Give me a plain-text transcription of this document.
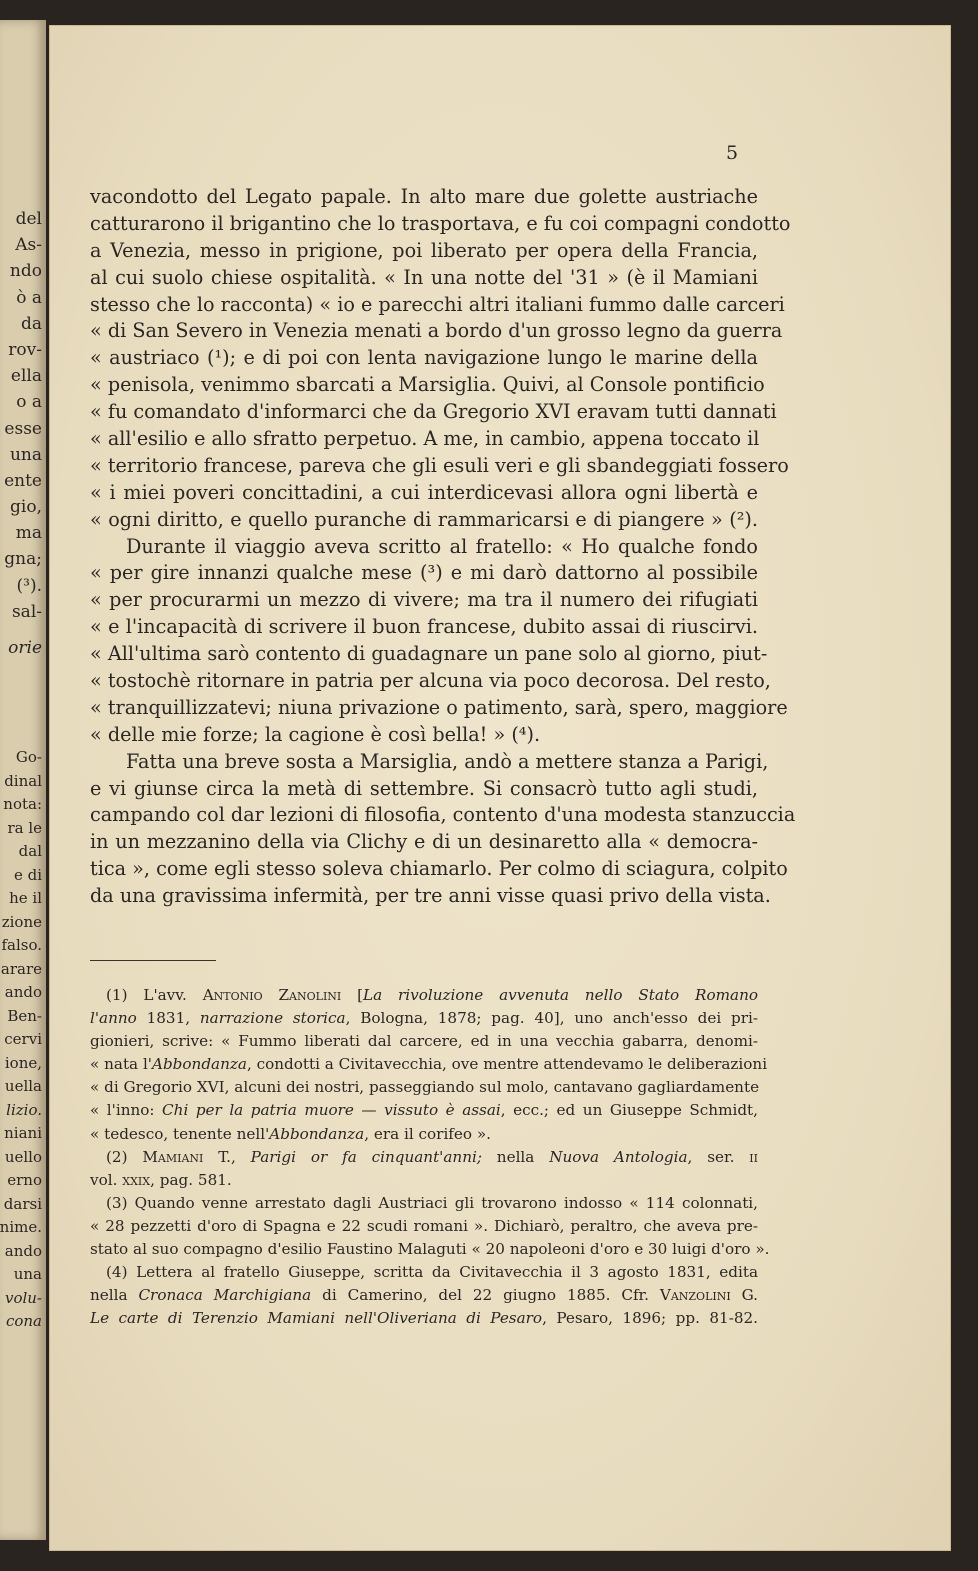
del
As-
ndo
ò a
da
rov-
ella
o a
esse
una
ente
gio,
ma
gna;
(³).
sal-
orie
Go-
dinal
nota:
ra le
dal
e di
he il
zione
falso.
arare
ando
Ben-
cervi
ione,
uella
lizio.
niani
uello
erno
darsi
nime.
ando
una
volu-
cona
5
vacondotto del Legato papale. In alto mare due golette austriache
catturarono il brigantino che lo trasportava, e fu coi compagni condotto
a Venezia, messo in prigione, poi liberato per opera della Francia,
al cui suolo chiese ospitalità. « In una notte del '31 » (è il Mamiani
stesso che lo racconta) « io e parecchi altri italiani fummo dalle carceri
« di San Severo in Venezia menati a bordo d'un grosso legno da guerra
« austriaco (¹); e di poi con lenta navigazione lungo le marine della
« penisola, venimmo sbarcati a Marsiglia. Quivi, al Console pontificio
« fu comandato d'informarci che da Gregorio XVI eravam tutti dannati
« all'esilio e allo sfratto perpetuo. A me, in cambio, appena toccato il
« territorio francese, pareva che gli esuli veri e gli sbandeggiati fossero
« i miei poveri concittadini, a cui interdicevasi allora ogni libertà e
« ogni diritto, e quello puranche di rammaricarsi e di piangere » (²).
Durante il viaggio aveva scritto al fratello: « Ho qualche fondo
« per gire innanzi qualche mese (³) e mi darò dattorno al possibile
« per procurarmi un mezzo di vivere; ma tra il numero dei rifugiati
« e l'incapacità di scrivere il buon francese, dubito assai di riuscirvi.
« All'ultima sarò contento di guadagnare un pane solo al giorno, piut-
« tostochè ritornare in patria per alcuna via poco decorosa. Del resto,
« tranquillizzatevi; niuna privazione o patimento, sarà, spero, maggiore
« delle mie forze; la cagione è così bella! » (⁴).
Fatta una breve sosta a Marsiglia, andò a mettere stanza a Parigi,
e vi giunse circa la metà di settembre. Si consacrò tutto agli studi,
campando col dar lezioni di filosofia, contento d'una modesta stanzuccia
in un mezzanino della via Clichy e di un desinaretto alla « democra-
tica », come egli stesso soleva chiamarlo. Per colmo di sciagura, colpito
da una gravissima infermità, per tre anni visse quasi privo della vista.
(1) L'avv. Antonio Zanolini [La rivoluzione avvenuta nello Stato Romano
l'anno 1831, narrazione storica, Bologna, 1878; pag. 40], uno anch'esso dei pri-
gionieri, scrive: « Fummo liberati dal carcere, ed in una vecchia gabarra, denomi-
« nata l'Abbondanza, condotti a Civitavecchia, ove mentre attendevamo le deliberazioni
« di Gregorio XVI, alcuni dei nostri, passeggiando sul molo, cantavano gagliardamente
« l'inno: Chi per la patria muore — vissuto è assai, ecc.; ed un Giuseppe Schmidt,
« tedesco, tenente nell'Abbondanza, era il corifeo ».
(2) Mamiani T., Parigi or fa cinquant'anni; nella Nuova Antologia, ser. ii
vol. xxix, pag. 581.
(3) Quando venne arrestato dagli Austriaci gli trovarono indosso « 114 colonnati,
« 28 pezzetti d'oro di Spagna e 22 scudi romani ». Dichiarò, peraltro, che aveva pre-
stato al suo compagno d'esilio Faustino Malaguti « 20 napoleoni d'oro e 30 luigi d'oro ».
(4) Lettera al fratello Giuseppe, scritta da Civitavecchia il 3 agosto 1831, edita
nella Cronaca Marchigiana di Camerino, del 22 giugno 1885. Cfr. Vanzolini G.
Le carte di Terenzio Mamiani nell'Oliveriana di Pesaro, Pesaro, 1896; pp. 81-82.
